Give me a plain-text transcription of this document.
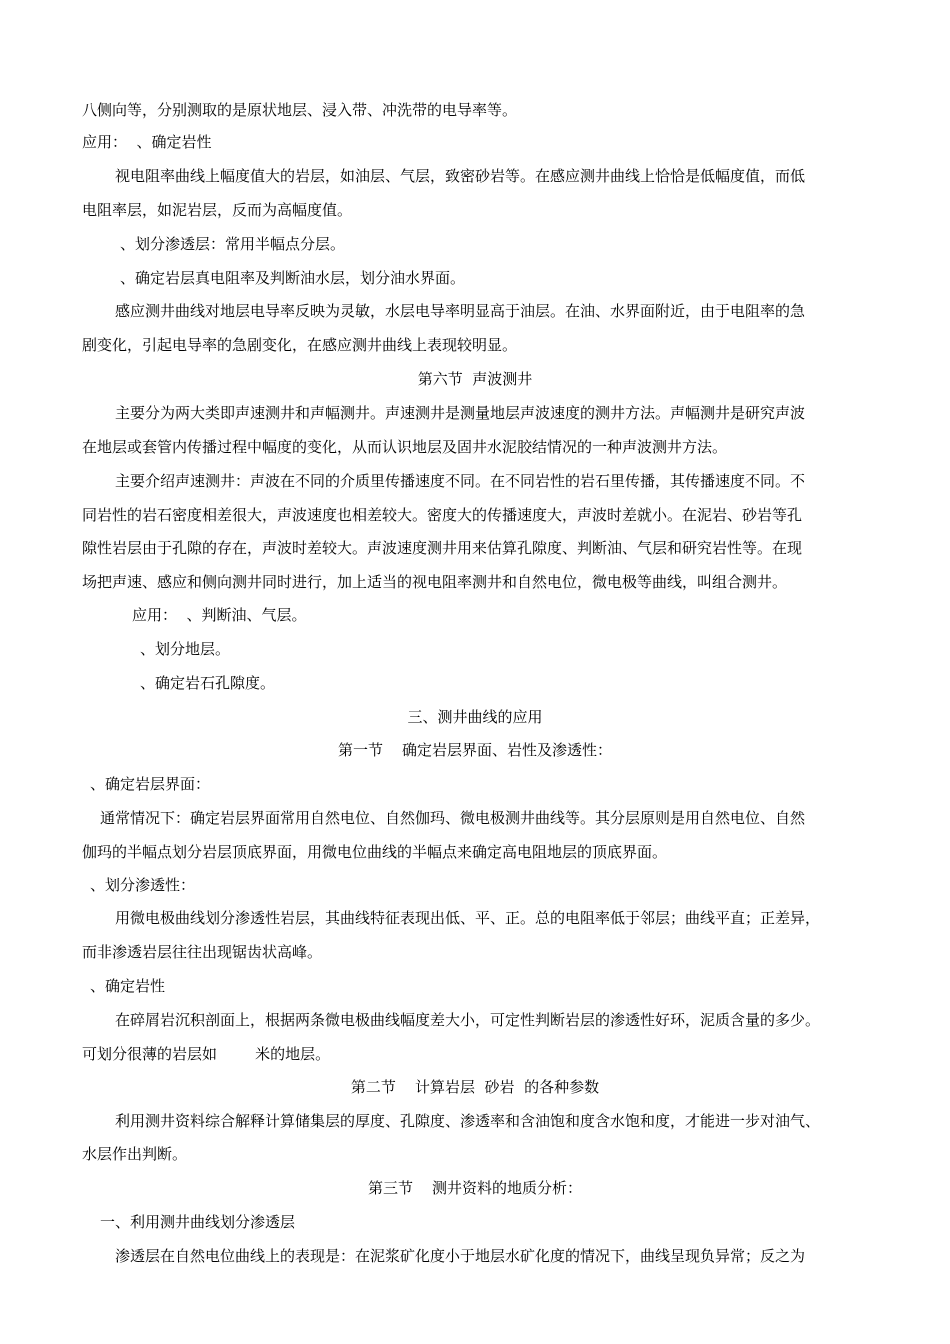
八侧向等，分别测取的是原状地层、浸入带、冲洗带的电导率等。
应用：  、确定岩性
视电阻率曲线上幅度值大的岩层，如油层、气层，致密砂岩等。在感应测井曲线上恰恰是低幅度值，而低
电阻率层，如泥岩层，反而为高幅度值。
、划分渗透层：常用半幅点分层。
、确定岩层真电阻率及判断油水层，划分油水界面。
感应测井曲线对地层电导率反映为灵敏，水层电导率明显高于油层。在油、水界面附近，由于电阻率的急
剧变化，引起电导率的急剧变化，在感应测井曲线上表现较明显。
第六节  声波测井
主要分为两大类即声速测井和声幅测井。声速测井是测量地层声波速度的测井方法。声幅测井是研究声波
在地层或套管内传播过程中幅度的变化，从而认识地层及固井水泥胶结情况的一种声波测井方法。
主要介绍声速测井：声波在不同的介质里传播速度不同。在不同岩性的岩石里传播，其传播速度不同。不
同岩性的岩石密度相差很大，声波速度也相差较大。密度大的传播速度大，声波时差就小。在泥岩、砂岩等孔
隙性岩层由于孔隙的存在，声波时差较大。声波速度测井用来估算孔隙度、判断油、气层和研究岩性等。在现
场把声速、感应和侧向测井同时进行，加上适当的视电阻率测井和自然电位，微电极等曲线，叫组合测井。
应用：  、判断油、气层。
、划分地层。
、确定岩石孔隙度。
三、测井曲线的应用
第一节    确定岩层界面、岩性及渗透性：
、确定岩层界面：
通常情况下：确定岩层界面常用自然电位、自然伽玛、微电极测井曲线等。其分层原则是用自然电位、自然
伽玛的半幅点划分岩层顶底界面，用微电位曲线的半幅点来确定高电阻地层的顶底界面。
、划分渗透性：
用微电极曲线划分渗透性岩层，其曲线特征表现出低、平、正。总的电阻率低于邻层；曲线平直；正差异，
而非渗透岩层往往出现锯齿状高峰。
、确定岩性
在碎屑岩沉积剖面上，根据两条微电极曲线幅度差大小，可定性判断岩层的渗透性好环，泥质含量的多少。
可划分很薄的岩层如        米的地层。
第二节    计算岩层  砂岩  的各种参数
利用测井资料综合解释计算储集层的厚度、孔隙度、渗透率和含油饱和度含水饱和度，才能进一步对油气、
水层作出判断。
第三节    测井资料的地质分析：
一、利用测井曲线划分渗透层
渗透层在自然电位曲线上的表现是：在泥浆矿化度小于地层水矿化度的情况下，曲线呈现负异常；反之为
